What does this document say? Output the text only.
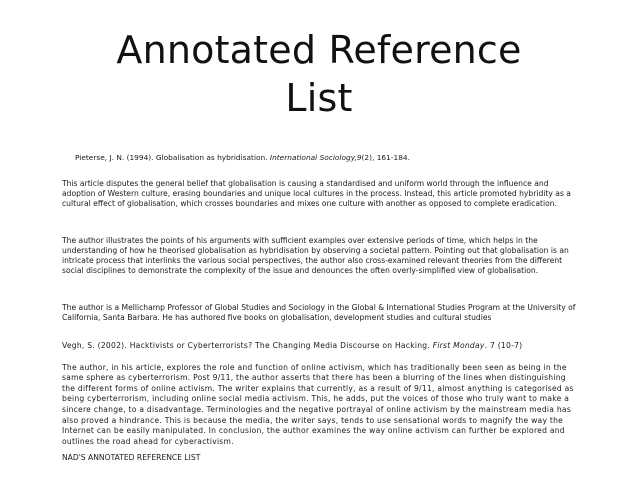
Annotated Reference
List
Pieterse, J. N. (1994). Globalisation as hybridisation. International Sociology,9(2), 161-184.

This article disputes the general belief that globalisation is causing a standardised and uniform world through the influence and adoption of Western culture, erasing boundaries and unique local cultures in the process. Instead, this article promoted hybridity as a cultural effect of globalisation, which crosses boundaries and mixes one culture with another as opposed to complete eradication.

The author illustrates the points of his arguments with sufficient examples over extensive periods of time, which helps in the understanding of how he theorised globalisation as hybridisation by observing a societal pattern. Pointing out that globalisation is an intricate process that interlinks the various social perspectives, the author also cross-examined relevant theories from the different social disciplines to demonstrate the complexity of the issue and denounces the often overly-simplified view of globalisation.

The author is a Mellichamp Professor of Global Studies and Sociology in the Global & International Studies Program at the University of California, Santa Barbara. He has authored five books on globalisation, development studies and cultural studies

Vegh, S. (2002). Hacktivists or Cyberterrorists? The Changing Media Discourse on Hacking. First Monday. 7 (10-7)

The author, in his article, explores the role and function of online activism, which has traditionally been seen as being in the same sphere as cyberterrorism. Post 9/11, the author asserts that there has been a blurring of the lines when distinguishing the different forms of online activism. The writer explains that currently, as a result of 9/11, almost anything is categorised as being cyberterrorism, including online social media activism. This, he adds, put the voices of those who truly want to make a sincere change, to a disadvantage. Terminologies and the negative portrayal of online activism by the mainstream media has also proved a hindrance. This is because the media, the writer says, tends to use sensational words to magnify the way the Internet can be easily manipulated. In conclusion, the author examines the way online activism can further be explored and outlines the road ahead for cyberactivism.

NAD'S ANNOTATED REFERENCE LIST
